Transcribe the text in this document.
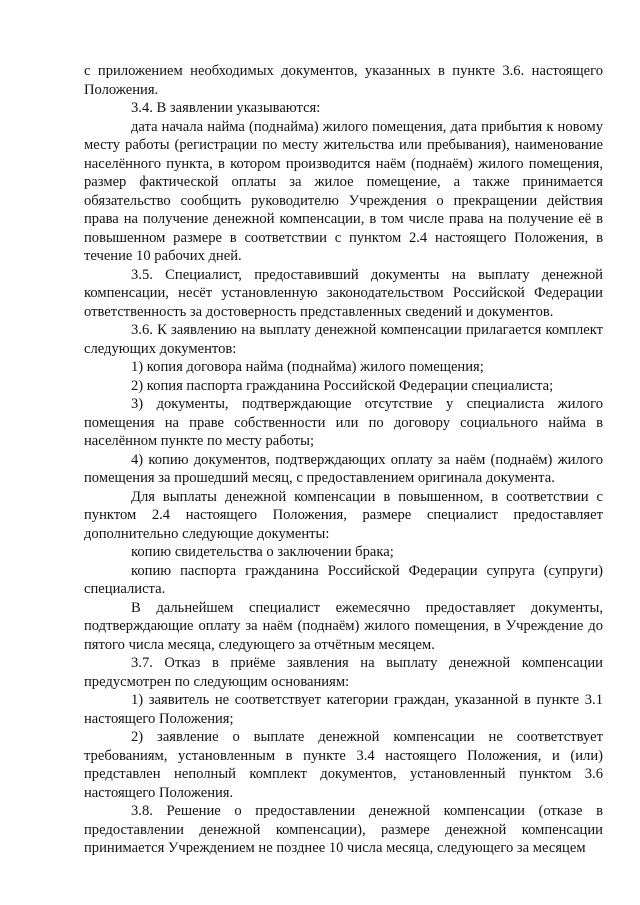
с приложением необходимых документов, указанных в пункте 3.6. настоящего Положения.

3.4. В заявлении указываются:

дата начала найма (поднайма) жилого помещения, дата прибытия к новому месту работы (регистрации по месту жительства или пребывания), наименование населённого пункта, в котором производится наём (поднаём) жилого помещения, размер фактической оплаты за жилое помещение, а также принимается обязательство сообщить руководителю Учреждения о прекращении действия права на получение денежной компенсации, в том числе права на получение её в повышенном размере в соответствии с пунктом 2.4 настоящего Положения, в течение 10 рабочих дней.

3.5. Специалист, предоставивший документы на выплату денежной компенсации, несёт установленную законодательством Российской Федерации ответственность за достоверность представленных сведений и документов.

3.6. К заявлению на выплату денежной компенсации прилагается комплект следующих документов:

1) копия договора найма (поднайма) жилого помещения;

2) копия паспорта гражданина Российской Федерации специалиста;

3) документы, подтверждающие отсутствие у специалиста жилого помещения на праве собственности или по договору социального найма в населённом пункте по месту работы;

4) копию документов, подтверждающих оплату за наём (поднаём) жилого помещения за прошедший месяц, с предоставлением оригинала документа.

Для выплаты денежной компенсации в повышенном, в соответствии с пунктом 2.4 настоящего Положения, размере специалист предоставляет дополнительно следующие документы:

копию свидетельства о заключении брака;

копию паспорта гражданина Российской Федерации супруга (супруги) специалиста.

В дальнейшем специалист ежемесячно предоставляет документы, подтверждающие оплату за наём (поднаём) жилого помещения, в Учреждение до пятого числа месяца, следующего за отчётным месяцем.

3.7. Отказ в приёме заявления на выплату денежной компенсации предусмотрен по следующим основаниям:

1) заявитель не соответствует категории граждан, указанной в пункте 3.1 настоящего Положения;

2) заявление о выплате денежной компенсации не соответствует требованиям, установленным в пункте 3.4 настоящего Положения, и (или) представлен неполный комплект документов, установленный пунктом 3.6 настоящего Положения.

3.8. Решение о предоставлении денежной компенсации (отказе в предоставлении денежной компенсации), размере денежной компенсации принимается Учреждением не позднее 10 числа месяца, следующего за месяцем
